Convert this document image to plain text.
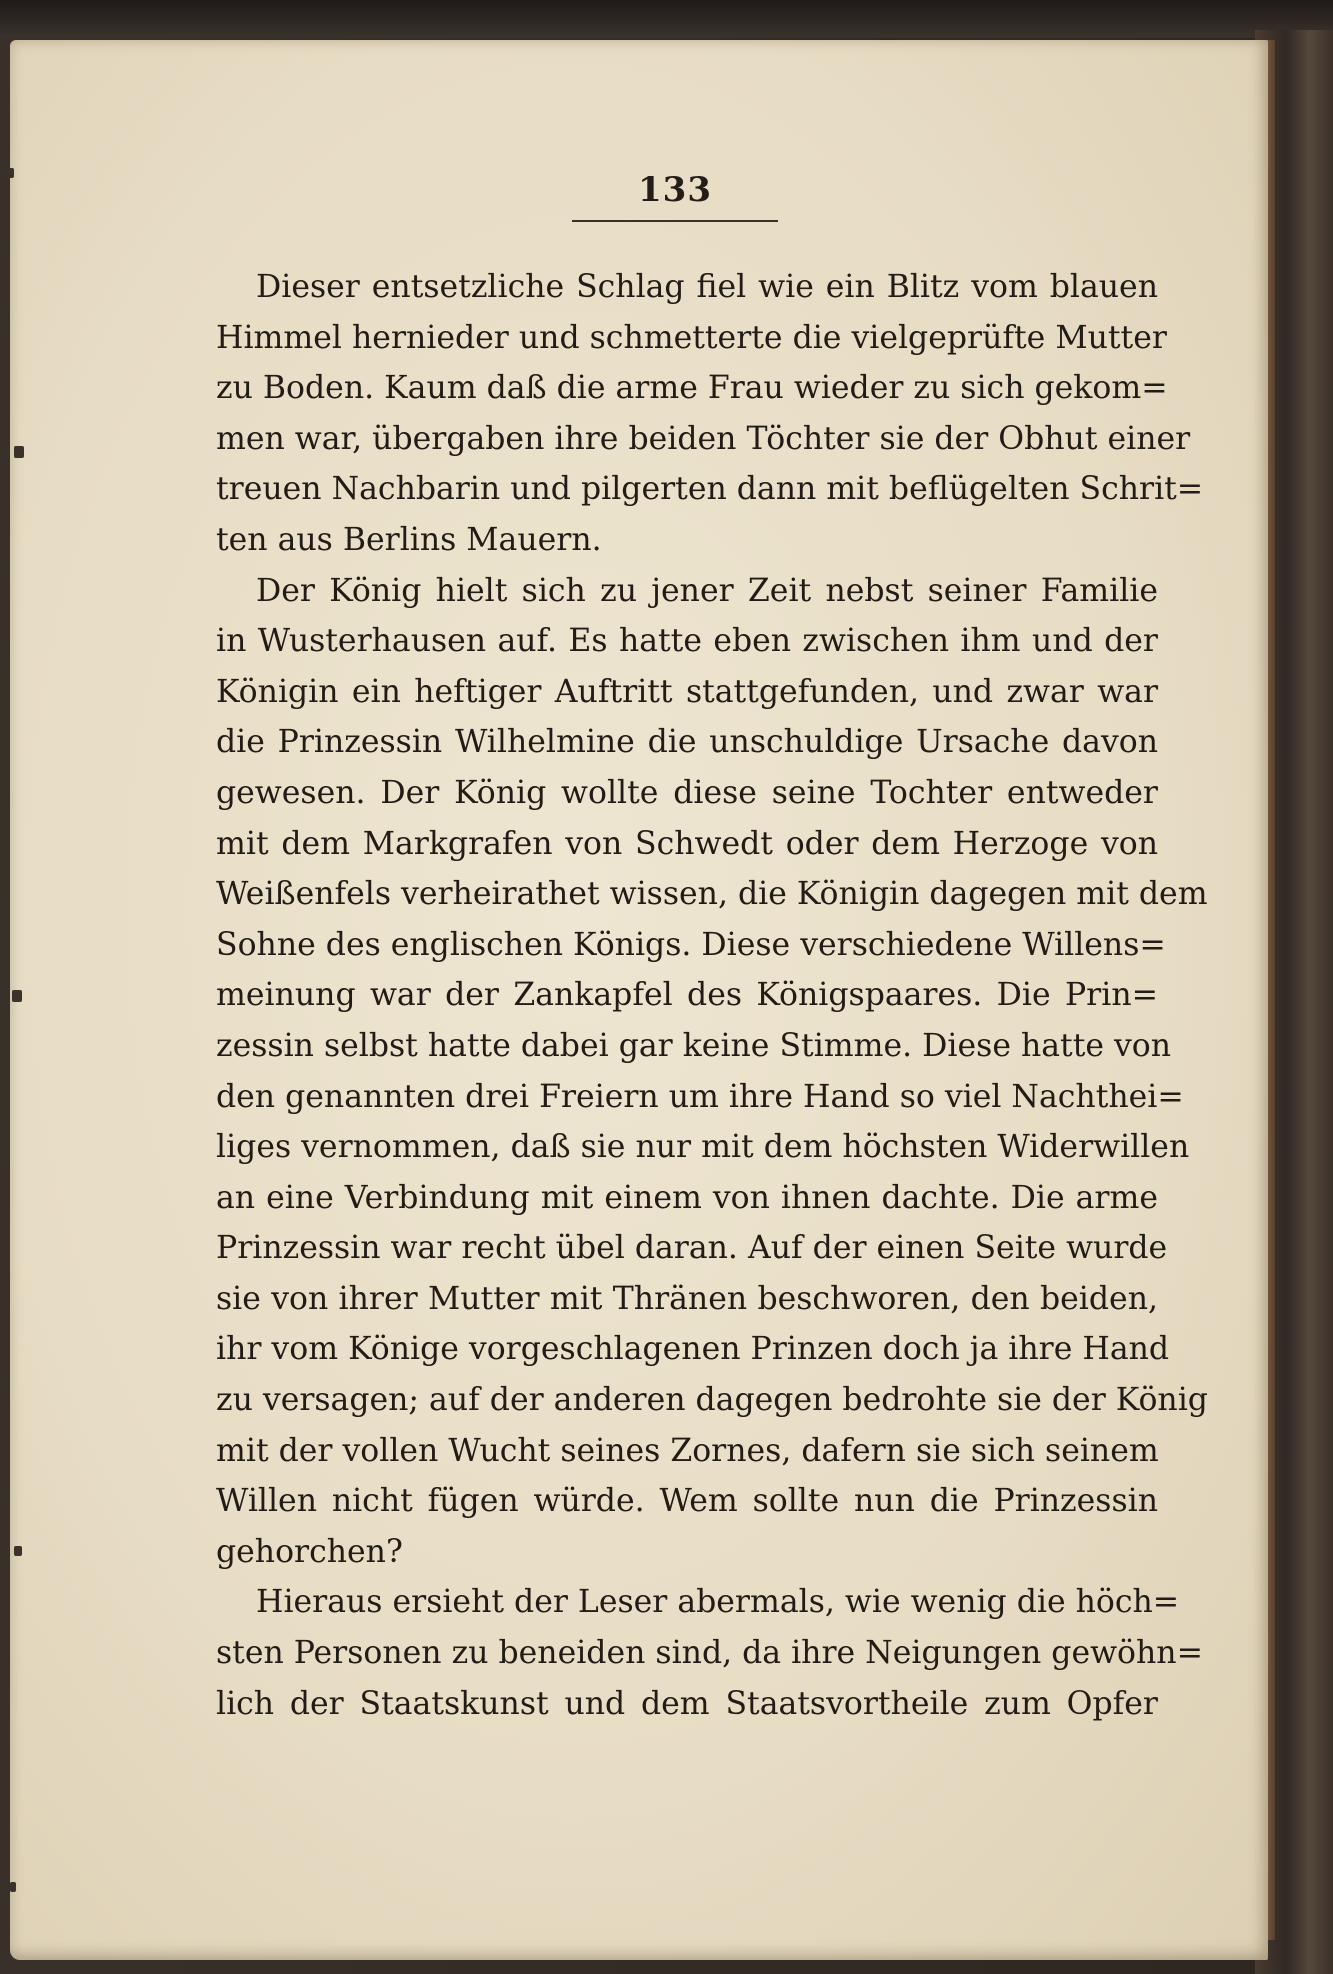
133
Dieser entsetzliche Schlag fiel wie ein Blitz vom blauen
Himmel hernieder und schmetterte die vielgeprüfte Mutter
zu Boden. Kaum daß die arme Frau wieder zu sich gekom=
men war, übergaben ihre beiden Töchter sie der Obhut einer
treuen Nachbarin und pilgerten dann mit beflügelten Schrit=
ten aus Berlins Mauern.
Der König hielt sich zu jener Zeit nebst seiner Familie
in Wusterhausen auf. Es hatte eben zwischen ihm und der
Königin ein heftiger Auftritt stattgefunden, und zwar war
die Prinzessin Wilhelmine die unschuldige Ursache davon
gewesen. Der König wollte diese seine Tochter entweder
mit dem Markgrafen von Schwedt oder dem Herzoge von
Weißenfels verheirathet wissen, die Königin dagegen mit dem
Sohne des englischen Königs. Diese verschiedene Willens=
meinung war der Zankapfel des Königspaares. Die Prin=
zessin selbst hatte dabei gar keine Stimme. Diese hatte von
den genannten drei Freiern um ihre Hand so viel Nachthei=
liges vernommen, daß sie nur mit dem höchsten Widerwillen
an eine Verbindung mit einem von ihnen dachte. Die arme
Prinzessin war recht übel daran. Auf der einen Seite wurde
sie von ihrer Mutter mit Thränen beschworen, den beiden,
ihr vom Könige vorgeschlagenen Prinzen doch ja ihre Hand
zu versagen; auf der anderen dagegen bedrohte sie der König
mit der vollen Wucht seines Zornes, dafern sie sich seinem
Willen nicht fügen würde. Wem sollte nun die Prinzessin
gehorchen?
Hieraus ersieht der Leser abermals, wie wenig die höch=
sten Personen zu beneiden sind, da ihre Neigungen gewöhn=
lich der Staatskunst und dem Staatsvortheile zum Opfer
